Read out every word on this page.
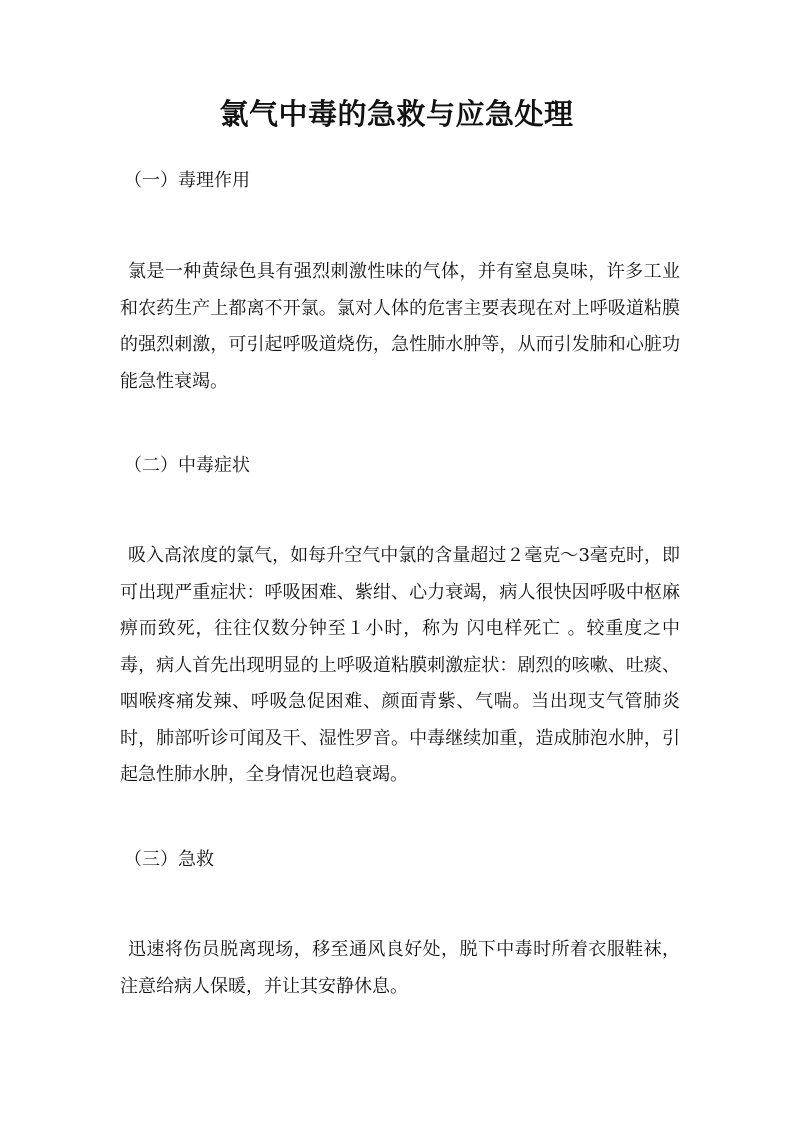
氯气中毒的急救与应急处理
（一）毒理作用

氯是一种黄绿色具有强烈刺激性味的气体，并有窒息臭味，许多工业和农药生产上都离不开氯。氯对人体的危害主要表现在对上呼吸道粘膜的强烈刺激，可引起呼吸道烧伤，急性肺水肿等，从而引发肺和心脏功能急性衰竭。

（二）中毒症状

吸入高浓度的氯气，如每升空气中氯的含量超过２毫克～3毫克时，即可出现严重症状：呼吸困难、紫绀、心力衰竭，病人很快因呼吸中枢麻痹而致死，往往仅数分钟至１小时，称为 闪电样死亡 。较重度之中毒，病人首先出现明显的上呼吸道粘膜刺激症状：剧烈的咳嗽、吐痰、咽喉疼痛发辣、呼吸急促困难、颜面青紫、气喘。当出现支气管肺炎时，肺部听诊可闻及干、湿性罗音。中毒继续加重，造成肺泡水肿，引起急性肺水肿，全身情况也趋衰竭。

（三）急救

迅速将伤员脱离现场，移至通风良好处，脱下中毒时所着衣服鞋袜，注意给病人保暖，并让其安静休息。
